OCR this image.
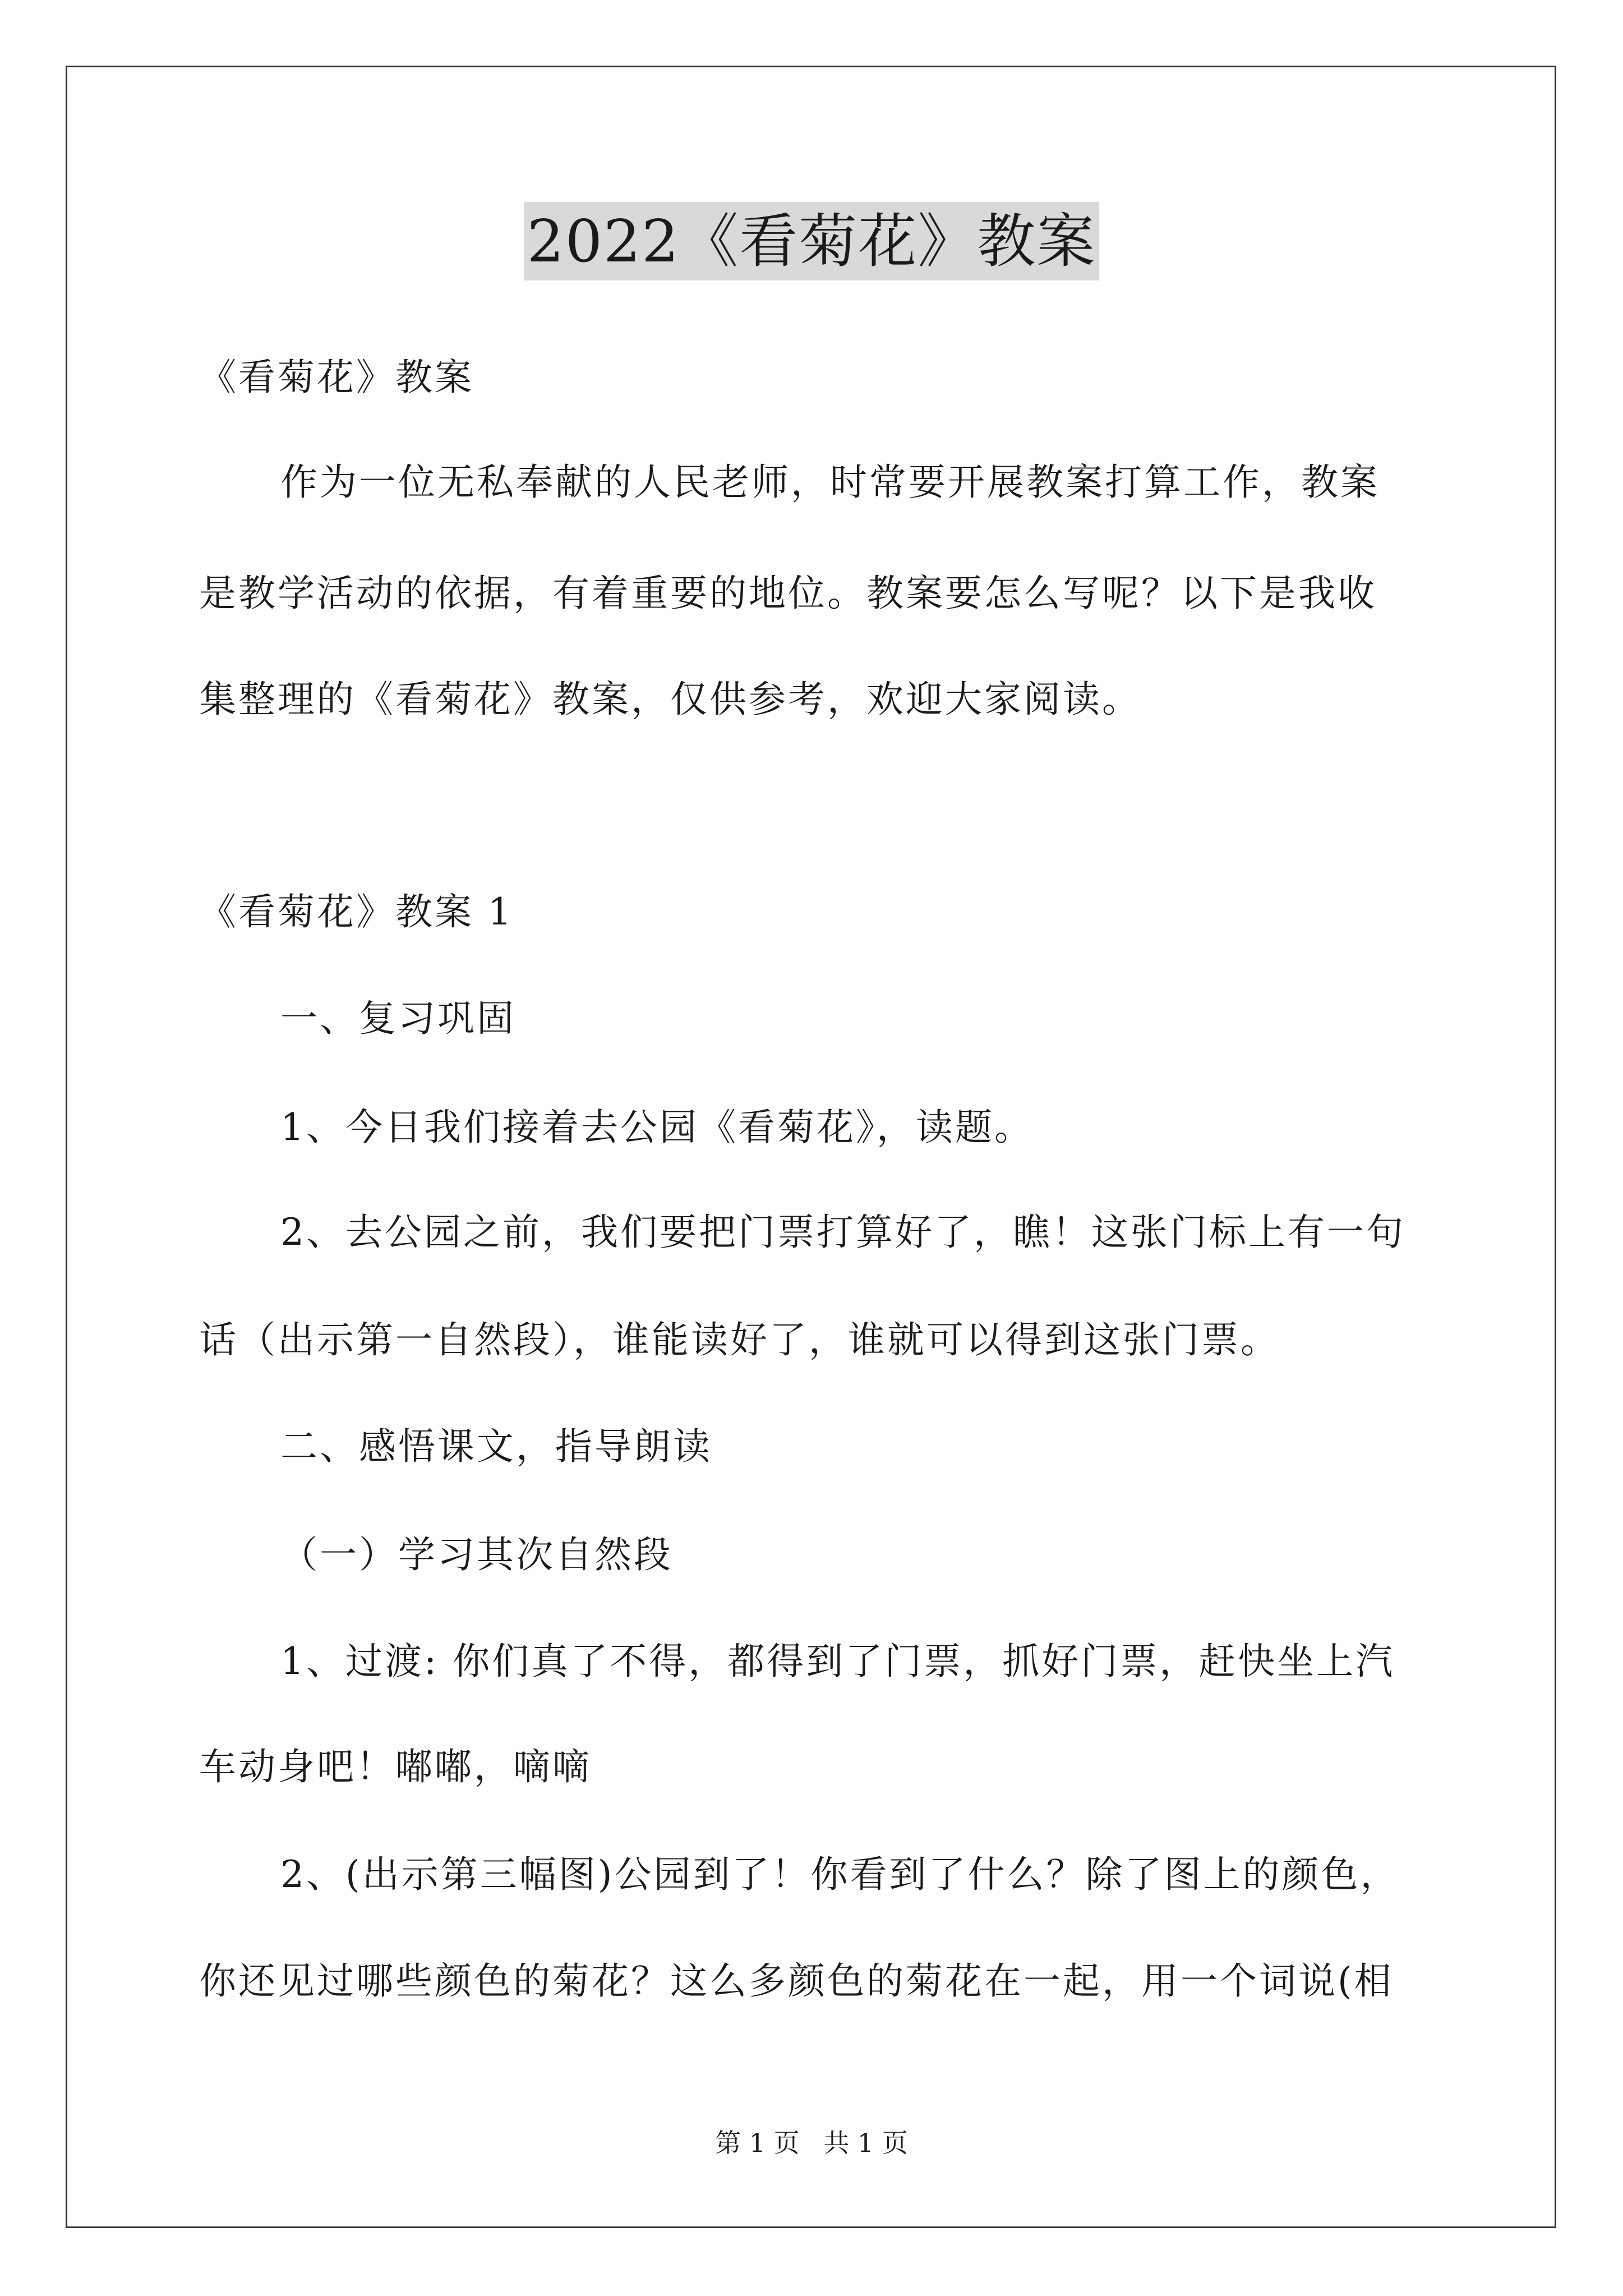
2022《看菊花》教案
《看菊花》教案
作为一位无私奉献的人民老师，时常要开展教案打算工作，教案
是教学活动的依据，有着重要的地位。教案要怎么写呢？以下是我收
集整理的《看菊花》教案，仅供参考，欢迎大家阅读。
《看菊花》教案 1
一、复习巩固
1、今日我们接着去公园《看菊花》，读题。
2、去公园之前，我们要把门票打算好了，瞧！这张门标上有一句
话（出示第一自然段），谁能读好了，谁就可以得到这张门票。
二、感悟课文，指导朗读
（一）学习其次自然段
1、过渡: 你们真了不得，都得到了门票，抓好门票，赶快坐上汽
车动身吧！嘟嘟，嘀嘀
2、(出示第三幅图)公园到了！你看到了什么？除了图上的颜色，
你还见过哪些颜色的菊花？这么多颜色的菊花在一起，用一个词说(相
第 1 页 共 1 页
